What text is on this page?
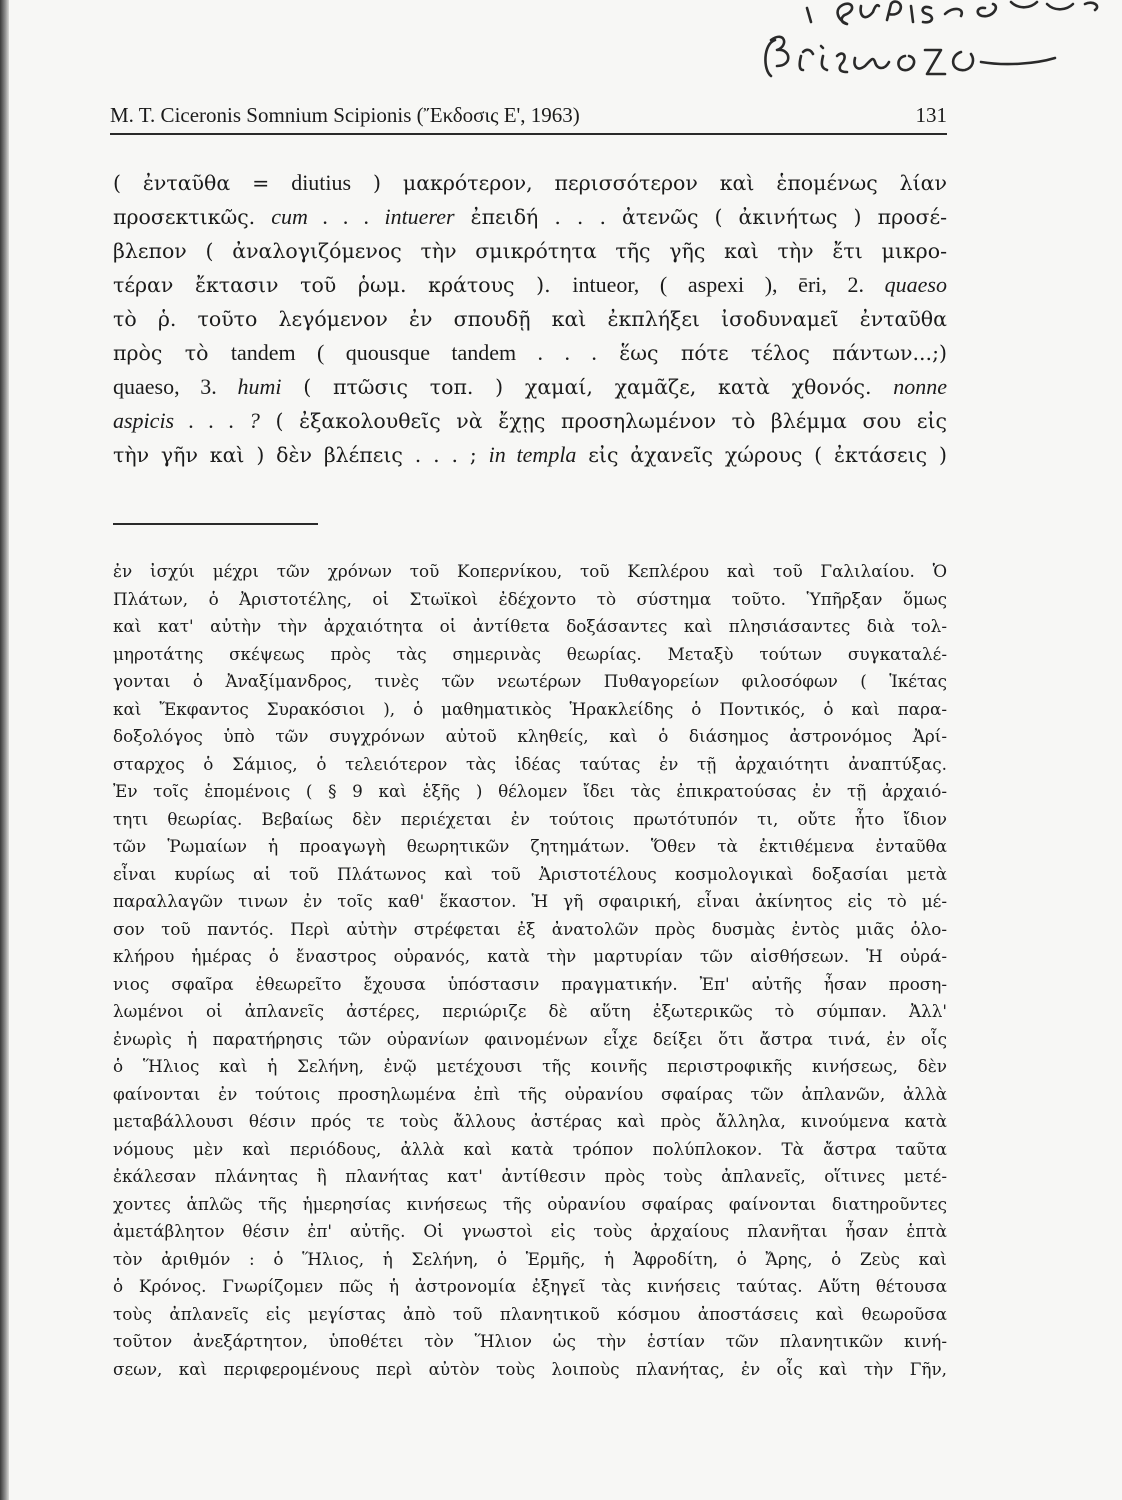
M. T. Ciceronis Somnium Scipionis (Ἔκδοσις Ε', 1963)	131
( ἐνταῦθα = diutius ) μακρότερον, περισσότερον καὶ ἑπομένως λίαν
προσεκτικῶς. cum . . . intuerer ἐπειδή . . . ἀτενῶς ( ἀκινήτως ) προσέ-
βλεπον ( ἀναλογιζόμενος τὴν σμικρότητα τῆς γῆς καὶ τὴν ἔτι μικρο-
τέραν ἔκτασιν τοῦ ῥωμ. κράτους ). intueor, ( aspexi ), ēri, 2. quaeso
τὸ ῥ. τοῦτο λεγόμενον ἐν σπουδῇ καὶ ἐκπλήξει ἰσοδυναμεῖ ἐνταῦθα
πρὸς τὸ tandem ( quousque tandem . . . ἕως πότε τέλος πάντων...;)
quaeso, 3. humi ( πτῶσις τοπ. ) χαμαί, χαμᾶζε, κατὰ χθονός. nonne
aspicis . . . ? ( ἐξακολουθεῖς νὰ ἔχῃς προσηλωμένον τὸ βλέμμα σου εἰς
τὴν γῆν καὶ ) δὲν βλέπεις . . . ; in templa εἰς ἀχανεῖς χώρους ( ἐκτάσεις )
ἐν ἰσχύι μέχρι τῶν χρόνων τοῦ Κοπερνίκου, τοῦ Κεπλέρου καὶ τοῦ Γαλιλαίου. Ὁ
Πλάτων, ὁ Ἀριστοτέλης, οἱ Στωϊκοὶ ἐδέχοντο τὸ σύστημα τοῦτο. Ὑπῆρξαν ὅμως
καὶ κατ' αὐτὴν τὴν ἀρχαιότητα οἱ ἀντίθετα δοξάσαντες καὶ πλησιάσαντες διὰ τολ-
μηροτάτης σκέψεως πρὸς τὰς σημερινὰς θεωρίας. Μεταξὺ τούτων συγκαταλέ-
γονται ὁ Ἀναξίμανδρος, τινὲς τῶν νεωτέρων Πυθαγορείων φιλοσόφων ( Ἱκέτας
καὶ Ἔκφαντος Συρακόσιοι ), ὁ μαθηματικὸς Ἡρακλείδης ὁ Ποντικός, ὁ καὶ παρα-
δοξολόγος ὑπὸ τῶν συγχρόνων αὐτοῦ κληθείς, καὶ ὁ διάσημος ἀστρονόμος Ἀρί-
σταρχος ὁ Σάμιος, ὁ τελειότερον τὰς ἰδέας ταύτας ἐν τῇ ἀρχαιότητι ἀναπτύξας.
Ἐν τοῖς ἑπομένοις ( § 9 καὶ ἑξῆς ) θέλομεν ἴδει τὰς ἐπικρατούσας ἐν τῇ ἀρχαιό-
τητι θεωρίας. Βεβαίως δὲν περιέχεται ἐν τούτοις πρωτότυπόν τι, οὔτε ἦτο ἴδιον
τῶν Ῥωμαίων ἡ προαγωγὴ θεωρητικῶν ζητημάτων. Ὅθεν τὰ ἐκτιθέμενα ἐνταῦθα
εἶναι κυρίως αἱ τοῦ Πλάτωνος καὶ τοῦ Ἀριστοτέλους κοσμολογικαὶ δοξασίαι μετὰ
παραλλαγῶν τινων ἐν τοῖς καθ' ἕκαστον. Ἡ γῆ σφαιρική, εἶναι ἀκίνητος εἰς τὸ μέ-
σον τοῦ παντός. Περὶ αὐτὴν στρέφεται ἐξ ἀνατολῶν πρὸς δυσμὰς ἐντὸς μιᾶς ὁλο-
κλήρου ἡμέρας ὁ ἔναστρος οὐρανός, κατὰ τὴν μαρτυρίαν τῶν αἰσθήσεων. Ἡ οὐρά-
νιος σφαῖρα ἐθεωρεῖτο ἔχουσα ὑπόστασιν πραγματικήν. Ἐπ' αὐτῆς ἦσαν προση-
λωμένοι οἱ ἀπλανεῖς ἀστέρες, περιώριζε δὲ αὕτη ἐξωτερικῶς τὸ σύμπαν. Ἀλλ'
ἐνωρὶς ἡ παρατήρησις τῶν οὐρανίων φαινομένων εἶχε δείξει ὅτι ἄστρα τινά, ἐν οἷς
ὁ Ἥλιος καὶ ἡ Σελήνη, ἐνῷ μετέχουσι τῆς κοινῆς περιστροφικῆς κινήσεως, δὲν
φαίνονται ἐν τούτοις προσηλωμένα ἐπὶ τῆς οὐρανίου σφαίρας τῶν ἀπλανῶν, ἀλλὰ
μεταβάλλουσι θέσιν πρός τε τοὺς ἄλλους ἀστέρας καὶ πρὸς ἄλληλα, κινούμενα κατὰ
νόμους μὲν καὶ περιόδους, ἀλλὰ καὶ κατὰ τρόπον πολύπλοκον. Τὰ ἄστρα ταῦτα
ἐκάλεσαν πλάνητας ἢ πλανήτας κατ' ἀντίθεσιν πρὸς τοὺς ἀπλανεῖς, οἵτινες μετέ-
χοντες ἁπλῶς τῆς ἡμερησίας κινήσεως τῆς οὐρανίου σφαίρας φαίνονται διατηροῦντες
ἀμετάβλητον θέσιν ἐπ' αὐτῆς. Οἱ γνωστοὶ εἰς τοὺς ἀρχαίους πλανῆται ἦσαν ἑπτὰ
τὸν ἀριθμόν : ὁ Ἥλιος, ἡ Σελήνη, ὁ Ἑρμῆς, ἡ Ἀφροδίτη, ὁ Ἄρης, ὁ Ζεὺς καὶ
ὁ Κρόνος. Γνωρίζομεν πῶς ἡ ἀστρονομία ἐξηγεῖ τὰς κινήσεις ταύτας. Αὕτη θέτουσα
τοὺς ἀπλανεῖς εἰς μεγίστας ἀπὸ τοῦ πλανητικοῦ κόσμου ἀποστάσεις καὶ θεωροῦσα
τοῦτον ἀνεξάρτητον, ὑποθέτει τὸν Ἥλιον ὡς τὴν ἑστίαν τῶν πλανητικῶν κινή-
σεων, καὶ περιφερομένους περὶ αὐτὸν τοὺς λοιποὺς πλανήτας, ἐν οἷς καὶ τὴν Γῆν,
